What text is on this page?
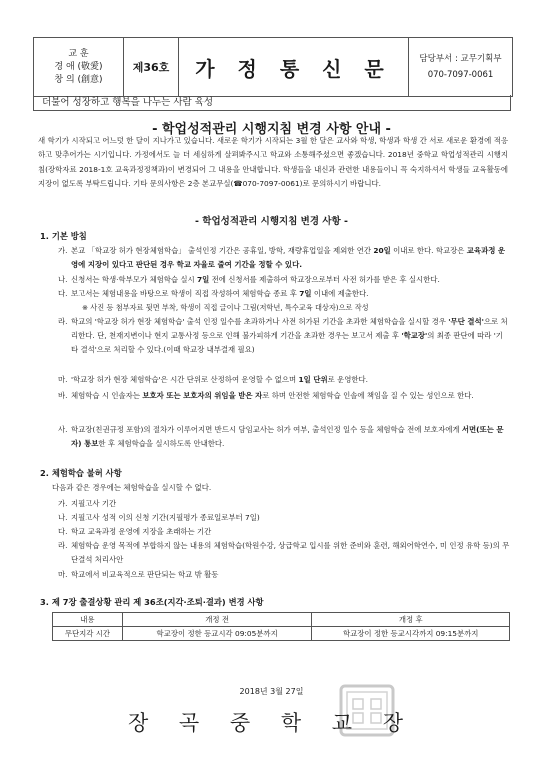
교 훈
경 애 (敬愛)
창 의 (創意)
제36호	가 정 통 신 문	담당부서 : 교무기획부
070-7097-0061
더불어 성장하고 행복을 나누는 사람 육성
- 학업성적관리 시행지침 변경 사항 안내 -
새 학기가 시작되고 어느덧 한 달이 지나가고 있습니다. 새로운 학기가 시작되는 3월 한 달은 교사와 학생, 학생과 학생 간 서로 새로운 환경에 적응하고 맞추어가는 시기입니다. 가정에서도 늘 더 세심하게 살펴봐주시고 학교와 소통해주셨으면 좋겠습니다. 2018년 중학교 학업성적관리 시행지침(장학자료 2018-1호 교육과정정책과)이 변경되어 그 내용을 안내합니다. 학생들을 내신과 관련한 내용들이니 꼭 숙지하셔서 학생들 교육활동에 지장이 없도록 부탁드립니다. 기타 문의사항은 2층 본교무실(☎070-7097-0061)로 문의하시기 바랍니다.
- 학업성적관리 시행지침 변경 사항 -
1. 기본 방침
가. 본교 「학교장 허가 현장체험학습」 출석인정 기간은 공휴일, 방학, 재량휴업일을 제외한 연간 20일 이내로 한다. 학교장은 교육과정 운영에 지장이 있다고 판단된 경우 학교 자율로 줄여 기간을 정할 수 있다.
나. 신청서는 학생·학부모가 체험학습 실시 7일 전에 신청서를 제출하여 학교장으로부터 사전 허가를 받은 후 실시한다.
다. 보고서는 체험내용을 바탕으로 학생이 직접 작성하여 체험학습 종료 후 7일 이내에 제출한다.
※ 사진 등 첨부자료 뒷면 부착, 학생이 직접 글이나 그림(저학년, 특수교육 대상자)으로 작성
라. 학교의 '학교장 허가 현장 체험학습' 출석 인정 일수를 초과하거나 사전 허가된 기간을 초과한 체험학습을 실시할 경우 '무단 결석'으로 처리한다. 단, 천재지변이나 현지 교통사정 등으로 인해 불가피하게 기간을 초과한 경우는 보고서 제출 후 '학교장'의 최종 판단에 따라 '기타 결석'으로 처리할 수 있다.(이때 학교장 내부결재 필요)
마. '학교장 허가 현장 체험학습'은 시간 단위로 산정하여 운영할 수 없으며 1일 단위로 운영한다.
바. 체험학습 시 인솔자는 보호자 또는 보호자의 위임을 받은 자로 하며 안전한 체험학습 인솔에 책임을 질 수 있는 성인으로 한다.
사. 학교장(친권규정 포함)의 절차가 이루어지면 반드시 담임교사는 허가 여부, 출석인정 일수 등을 체험학습 전에 보호자에게 서면(또는 문자) 통보한 후 체험학습을 실시하도록 안내한다.
2. 체험학습 불허 사항
다음과 같은 경우에는 체험학습을 실시할 수 없다.
가. 지필고사 기간
나. 지필고사 성적 이의 신청 기간(지필평가 종료일로부터 7일)
다. 학교 교육과정 운영에 지장을 초래하는 기간
라. 체험학습 운영 목적에 부합하지 않는 내용의 체험학습(학원수강, 상급학교 입시를 위한 준비와 훈련, 해외어학연수, 미 인정 유학 등)의 무단결석 처리사안
마. 학교에서 비교육적으로 판단되는 학교 밖 활동
3. 제 7장 출결상황 관리 제 36조(지각·조퇴·결과) 변경 사항
내용	개정 전	개정 후
무단지각 시간	학교장이 정한 등교시각 09:05분까지	학교장이 정한 등교시각까지 09:15분까지
2018년 3월 27일
장 곡 중 학 교 장
